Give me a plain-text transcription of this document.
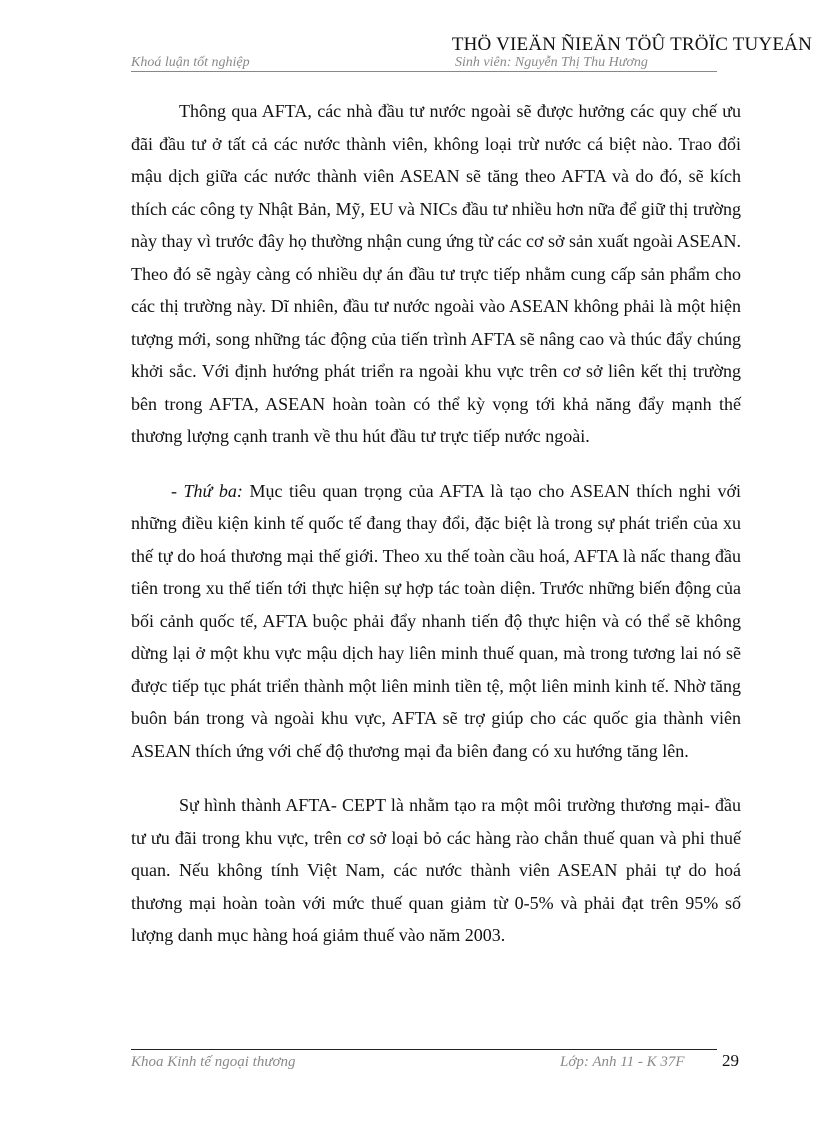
THÖ VIEÄN ÑIEÄN TÖÛ TRÖÏC TUYEÁN
Khoá luận tốt nghiệp	Sinh viên: Nguyễn Thị Thu Hương

Thông qua AFTA, các nhà đầu tư nước ngoài sẽ được hưởng các quy chế ưu đãi đầu tư ở tất cả các nước thành viên, không loại trừ nước cá biệt nào. Trao đổi mậu dịch giữa các nước thành viên ASEAN sẽ tăng theo AFTA và do đó, sẽ kích thích các công ty Nhật Bản, Mỹ, EU và NICs đầu tư nhiều hơn nữa để giữ thị trường này thay vì trước đây họ thường nhận cung ứng từ các cơ sở sản xuất ngoài ASEAN. Theo đó sẽ ngày càng có nhiều dự án đầu tư trực tiếp nhằm cung cấp sản phẩm cho các thị trường này. Dĩ nhiên, đầu tư nước ngoài vào ASEAN không phải là một hiện tượng mới, song những tác động của tiến trình AFTA sẽ nâng cao và thúc đẩy chúng khởi sắc. Với định hướng phát triển ra ngoài khu vực trên cơ sở liên kết thị trường bên trong AFTA, ASEAN hoàn toàn có thể kỳ vọng tới khả năng đẩy mạnh thế thương lượng cạnh tranh về thu hút đầu tư trực tiếp nước ngoài.

- Thứ ba: Mục tiêu quan trọng của AFTA là tạo cho ASEAN thích nghi với những điều kiện kinh tế quốc tế đang thay đổi, đặc biệt là trong sự phát triển của xu thế tự do hoá thương mại thế giới. Theo xu thế toàn cầu hoá, AFTA là nấc thang đầu tiên trong xu thế tiến tới thực hiện sự hợp tác toàn diện. Trước những biến động của bối cảnh quốc tế, AFTA buộc phải đẩy nhanh tiến độ thực hiện và có thể sẽ không dừng lại ở một khu vực mậu dịch hay liên minh thuế quan, mà trong tương lai nó sẽ được tiếp tục phát triển thành một liên minh tiền tệ, một liên minh kinh tế. Nhờ tăng buôn bán trong và ngoài khu vực, AFTA sẽ trợ giúp cho các quốc gia thành viên ASEAN thích ứng với chế độ thương mại đa biên đang có xu hướng tăng lên.

Sự hình thành AFTA- CEPT là nhằm tạo ra một môi trường thương mại- đầu tư ưu đãi trong khu vực, trên cơ sở loại bỏ các hàng rào chắn thuế quan và phi thuế quan. Nếu không tính Việt Nam, các nước thành viên ASEAN phải tự do hoá thương mại hoàn toàn với mức thuế quan giảm từ 0-5% và phải đạt trên 95% số lượng danh mục hàng hoá giảm thuế vào năm 2003.

Khoa Kinh tế ngoại thương	Lớp: Anh 11 - K 37F 29
